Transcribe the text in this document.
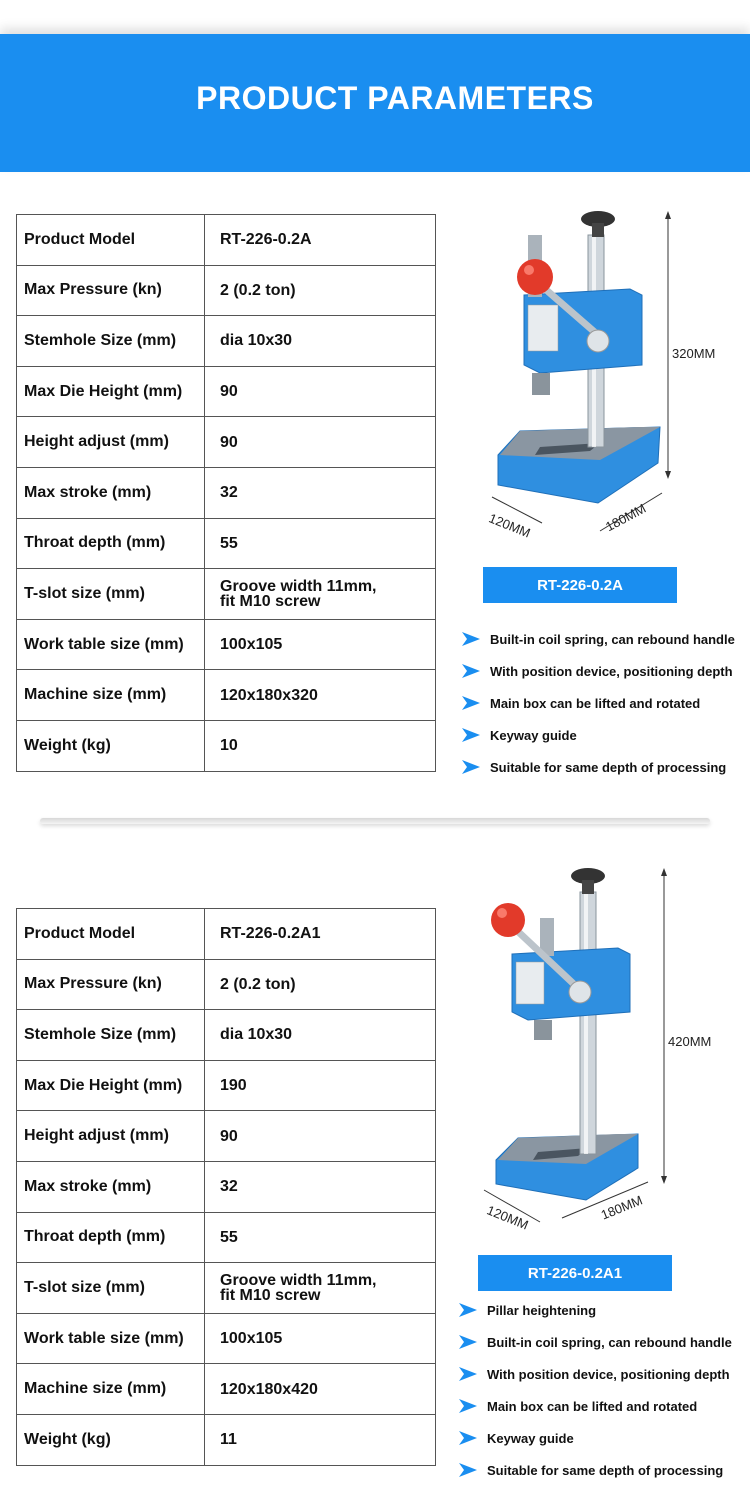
PRODUCT PARAMETERS
Product Model	RT-226-0.2A
Max Pressure (kn)	2 (0.2 ton)
Stemhole Size (mm)	dia 10x30
Max Die Height (mm)	90
Height adjust (mm)	90
Max stroke (mm)	32
Throat depth (mm)	55
T-slot size (mm)	Groove width 11mm,
fit M10 screw

Work table size (mm)	100x105
Machine size (mm)	120x180x320
Weight (kg)	10
320MM
120MM	180MM
RT-226-0.2A
Built-in coil spring, can rebound handle
With position device, positioning depth
Main box can be lifted and rotated
Keyway guide
Suitable for same depth of processing
Product Model	RT-226-0.2A1
Max Pressure (kn)	2 (0.2 ton)
Stemhole Size (mm)	dia 10x30
Max Die Height (mm)	190
Height adjust (mm)	90
Max stroke (mm)	32
Throat depth (mm)	55
T-slot size (mm)	Groove width 11mm,
fit M10 screw

Work table size (mm)	100x105
Machine size (mm)	120x180x420
Weight (kg)	11
420MM
120MM	180MM
RT-226-0.2A1
Pillar heightening
Built-in coil spring, can rebound handle
With position device, positioning depth
Main box can be lifted and rotated
Keyway guide
Suitable for same depth of processing
